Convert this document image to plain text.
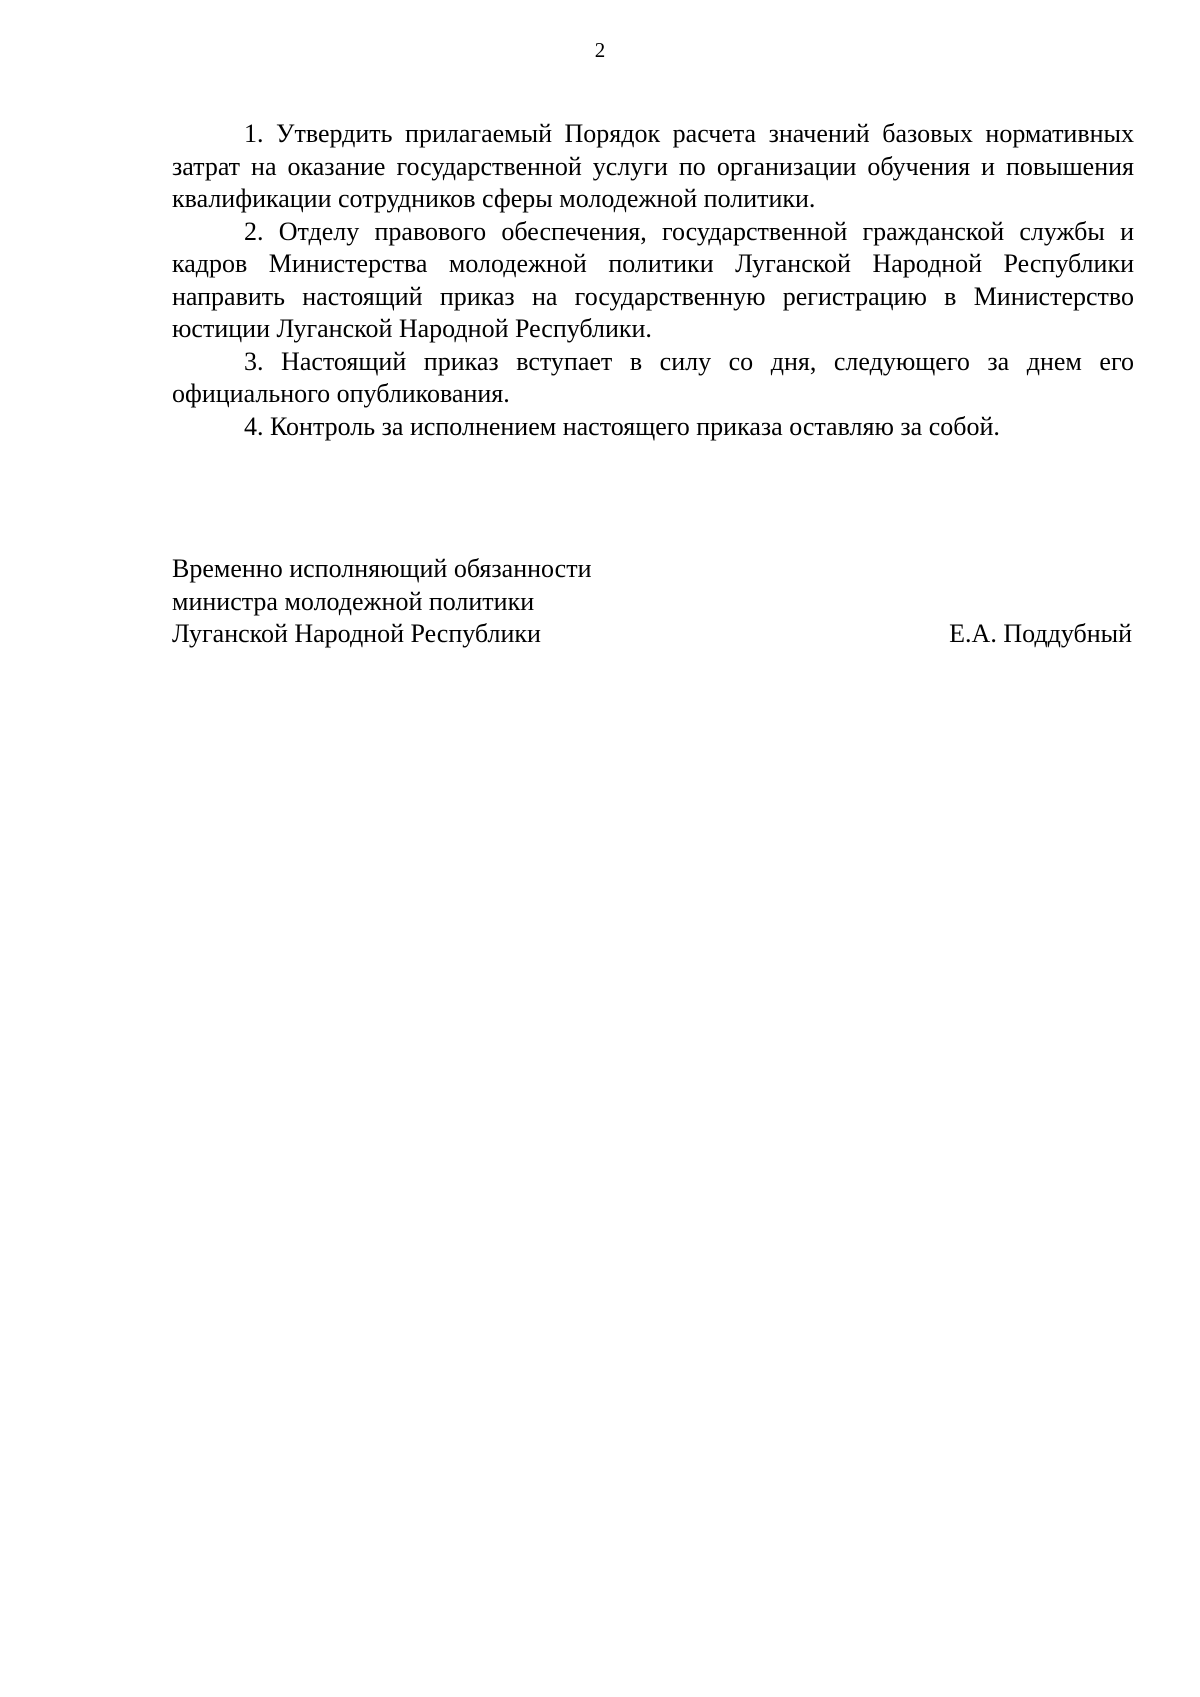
2

1. Утвердить прилагаемый Порядок расчета значений базовых нормативных затрат на оказание государственной услуги по организации обучения и повышения квалификации сотрудников сферы молодежной политики.

2. Отделу правового обеспечения, государственной гражданской службы и кадров Министерства молодежной политики Луганской Народной Республики направить настоящий приказ на государственную регистрацию в Министерство юстиции Луганской Народной Республики.

3. Настоящий приказ вступает в силу со дня, следующего за днем его официального опубликования.

4. Контроль за исполнением настоящего приказа оставляю за собой.

Временно исполняющий обязанности
министра молодежной политики
Луганской Народной Республики	Е.А. Поддубный
